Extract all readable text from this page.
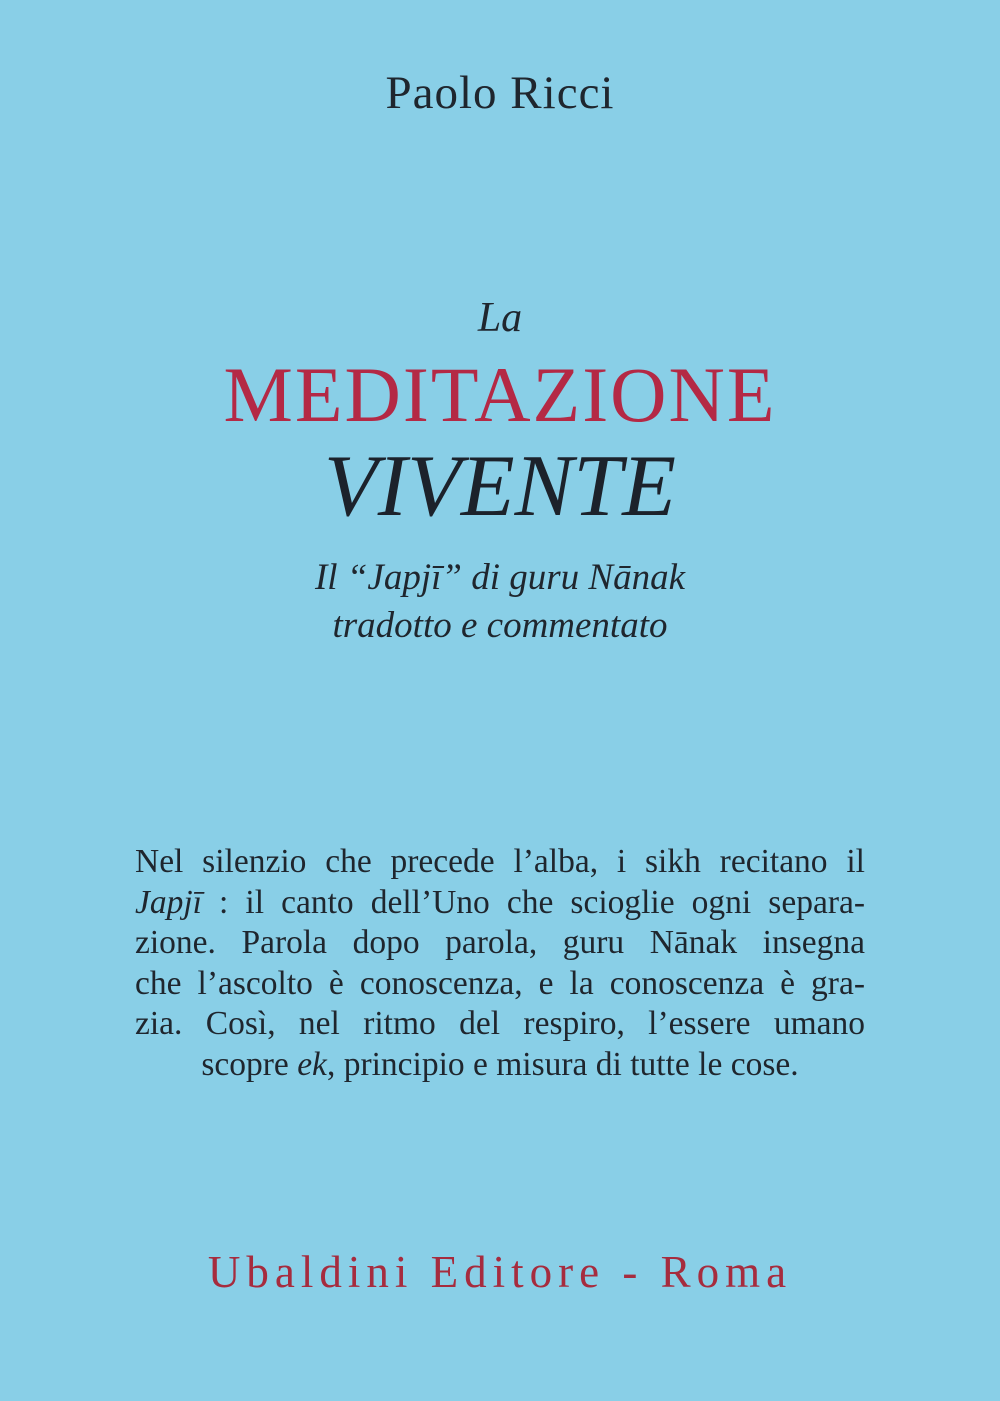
Paolo Ricci
La
MEDITAZIONE
VIVENTE
Il “Japjī” di guru Nānak
tradotto e commentato
Nel silenzio che precede l’alba, i sikh recitano il
Japjī : il canto dell’Uno che scioglie ogni separa-
zione. Parola dopo parola, guru Nānak insegna
che l’ascolto è conoscenza, e la conoscenza è gra-
zia. Così, nel ritmo del respiro, l’essere umano
scopre ek, principio e misura di tutte le cose.
Ubaldini Editore - Roma
